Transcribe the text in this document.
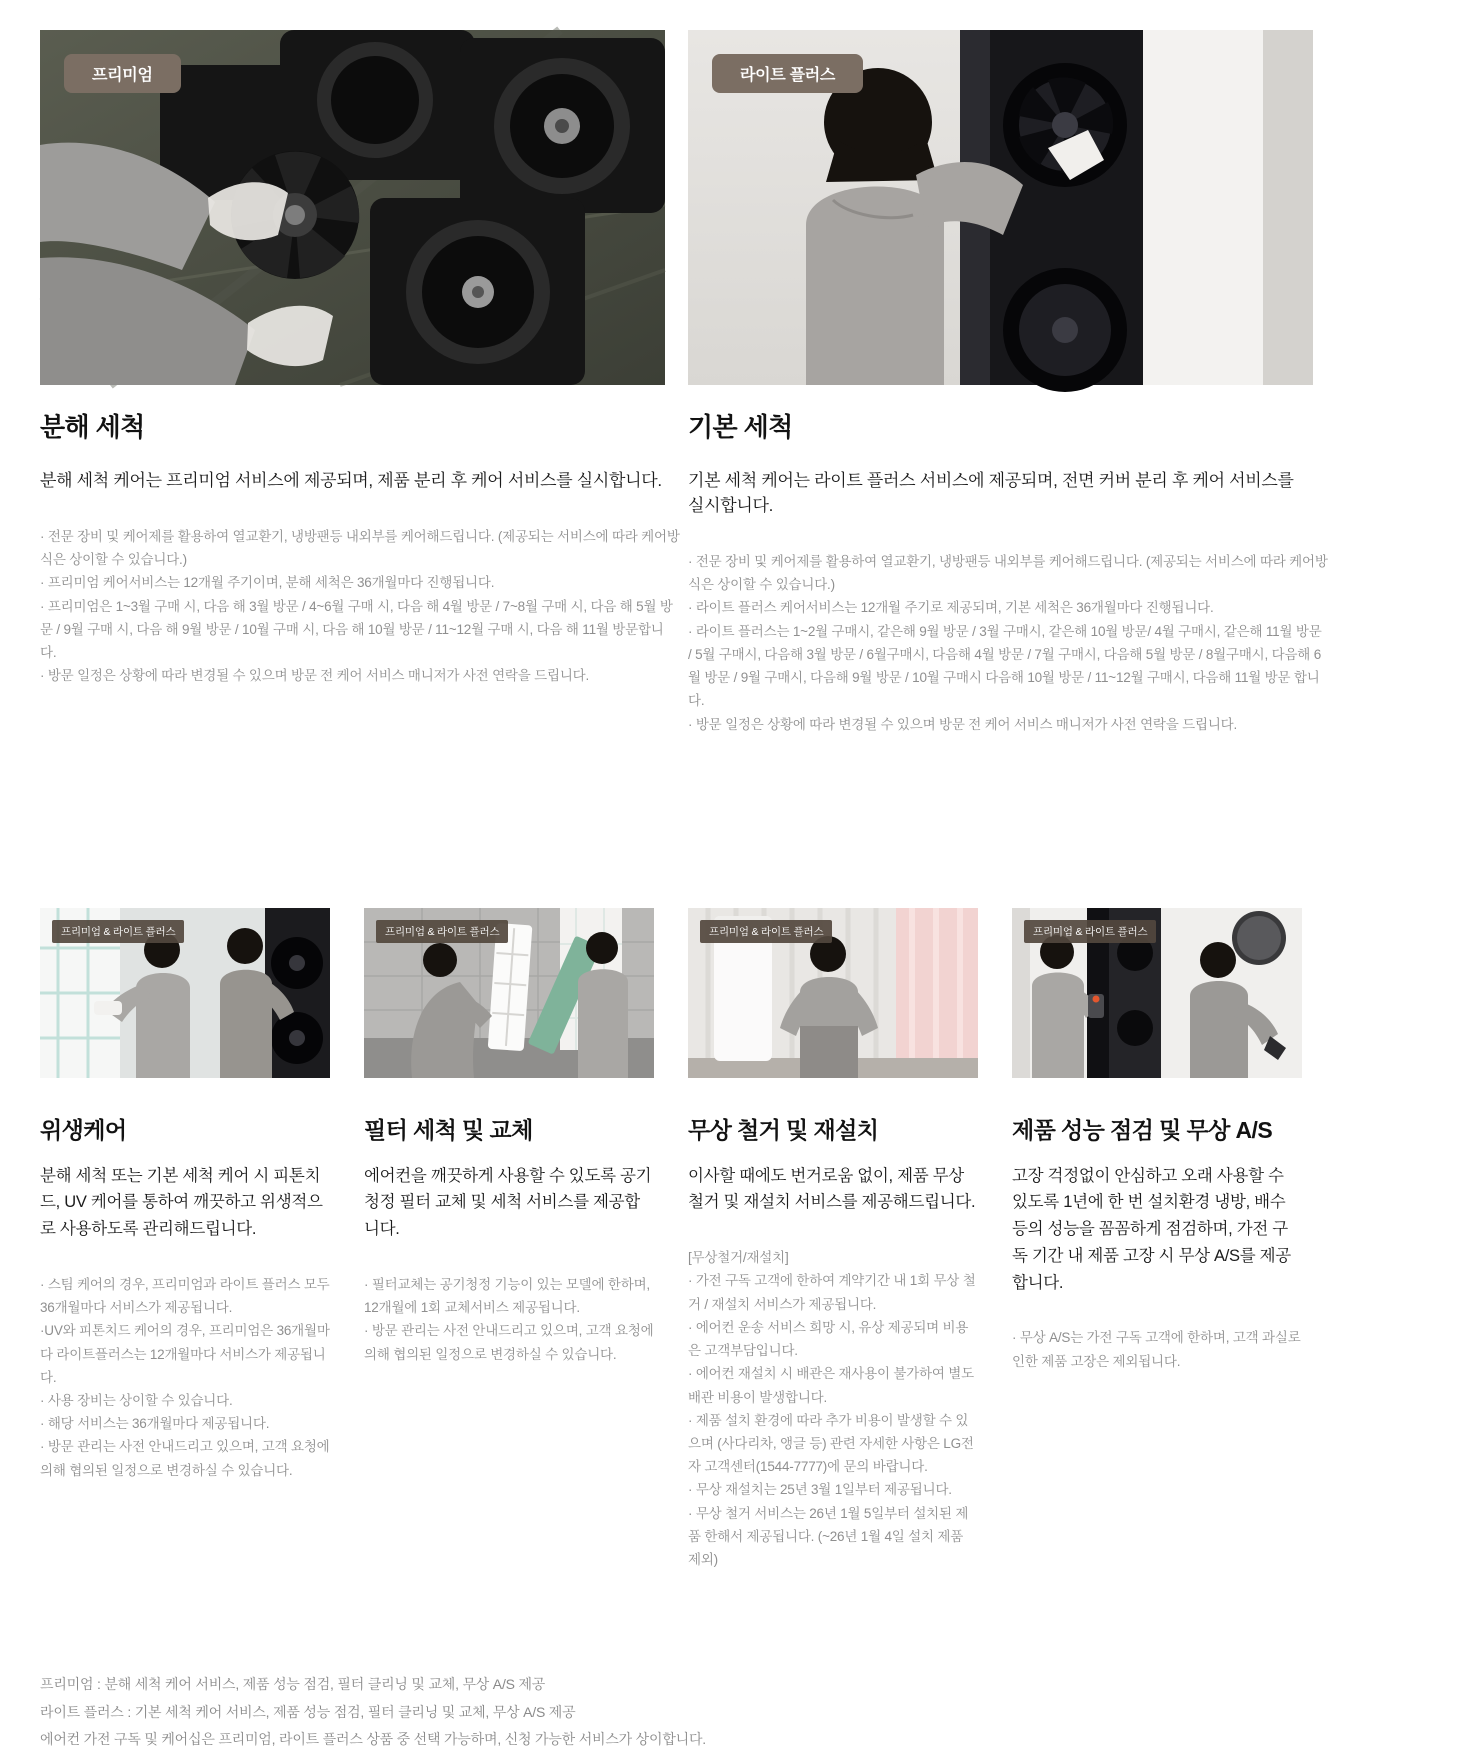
프리미엄
분해 세척
분해 세척 케어는 프리미엄 서비스에 제공되며, 제품 분리 후 케어 서비스를 실시합니다.
· 전문 장비 및 케어제를 활용하여 열교환기, 냉방팬등 내외부를 케어해드립니다. (제공되는 서비스에 따라 케어방식은 상이할 수 있습니다.)
· 프리미엄 케어서비스는 12개월 주기이며, 분해 세척은 36개월마다 진행됩니다.
· 프리미엄은 1~3월 구매 시, 다음 해 3월 방문 / 4~6월 구매 시, 다음 해 4월 방문 / 7~8월 구매 시, 다음 해 5월 방문 / 9월 구매 시, 다음 해 9월 방문 / 10월 구매 시, 다음 해 10월 방문 / 11~12월 구매 시, 다음 해 11월 방문합니다.
· 방문 일정은 상황에 따라 변경될 수 있으며 방문 전 케어 서비스 매니저가 사전 연락을 드립니다.
라이트 플러스
기본 세척
기본 세척 케어는 라이트 플러스 서비스에 제공되며, 전면 커버 분리 후 케어 서비스를 실시합니다.
· 전문 장비 및 케어제를 활용하여 열교환기, 냉방팬등 내외부를 케어해드립니다. (제공되는 서비스에 따라 케어방식은 상이할 수 있습니다.)
· 라이트 플러스 케어서비스는 12개월 주기로 제공되며, 기본 세척은 36개월마다 진행됩니다.
· 라이트 플러스는 1~2월 구매시, 같은해 9월 방문 / 3월 구매시, 같은해 10월 방문/ 4월 구매시, 같은해 11월 방문 / 5월 구매시, 다음해 3월 방문 / 6월구매시, 다음해 4월 방문 / 7월 구매시, 다음해 5월 방문 / 8월구매시, 다음해 6월 방문 / 9월 구매시, 다음해 9월 방문 / 10월 구매시 다음해 10월 방문 / 11~12월 구매시, 다음해 11월 방문 합니다.
· 방문 일정은 상황에 따라 변경될 수 있으며 방문 전 케어 서비스 매니저가 사전 연락을 드립니다.
프리미엄 & 라이트 플러스
위생케어
분해 세척 또는 기본 세척 케어 시 피톤치드, UV 케어를 통하여 깨끗하고 위생적으로 사용하도록 관리해드립니다.
· 스팀 케어의 경우, 프리미엄과 라이트 플러스 모두 36개월마다 서비스가 제공됩니다.
·UV와 피톤치드 케어의 경우, 프리미엄은 36개월마다 라이트플러스는 12개월마다 서비스가 제공됩니다.
· 사용 장비는 상이할 수 있습니다.
· 해당 서비스는 36개월마다 제공됩니다.
· 방문 관리는 사전 안내드리고 있으며, 고객 요청에 의해 협의된 일정으로 변경하실 수 있습니다.
프리미엄 & 라이트 플러스
필터 세척 및 교체
에어컨을 깨끗하게 사용할 수 있도록 공기청정 필터 교체 및 세척 서비스를 제공합니다.
· 필터교체는 공기청정 기능이 있는 모델에 한하며, 12개월에 1회 교체서비스 제공됩니다.
· 방문 관리는 사전 안내드리고 있으며, 고객 요청에 의해 협의된 일정으로 변경하실 수 있습니다.
프리미엄 & 라이트 플러스
무상 철거 및 재설치
이사할 때에도 번거로움 없이, 제품 무상 철거 및 재설치 서비스를 제공해드립니다.
[무상철거/재설치]
· 가전 구독 고객에 한하여 계약기간 내 1회 무상 철거 / 재설치 서비스가 제공됩니다.
· 에어컨 운송 서비스 희망 시, 유상 제공되며 비용은 고객부담입니다.
· 에어컨 재설치 시 배관은 재사용이 불가하여 별도 배관 비용이 발생합니다.
· 제품 설치 환경에 따라 추가 비용이 발생할 수 있으며 (사다리차, 앵글 등) 관련 자세한 사항은 LG전자 고객센터(1544-7777)에 문의 바랍니다.
· 무상 재설치는 25년 3월 1일부터 제공됩니다.
· 무상 철거 서비스는 26년 1월 5일부터 설치된 제품 한해서 제공됩니다. (~26년 1월 4일 설치 제품 제외)
프리미엄 & 라이트 플러스
제품 성능 점검 및 무상 A/S
고장 걱정없이 안심하고 오래 사용할 수 있도록 1년에 한 번 설치환경 냉방, 배수 등의 성능을 꼼꼼하게 점검하며, 가전 구독 기간 내 제품 고장 시 무상 A/S를 제공합니다.
· 무상 A/S는 가전 구독 고객에 한하며, 고객 과실로 인한 제품 고장은 제외됩니다.
프리미엄 : 분해 세척 케어 서비스, 제품 성능 점검, 필터 클리닝 및 교체, 무상 A/S 제공
라이트 플러스 : 기본 세척 케어 서비스, 제품 성능 점검, 필터 클리닝 및 교체, 무상 A/S 제공
에어컨 가전 구독 및 케어십은 프리미엄, 라이트 플러스 상품 중 선택 가능하며, 신청 가능한 서비스가 상이합니다.
